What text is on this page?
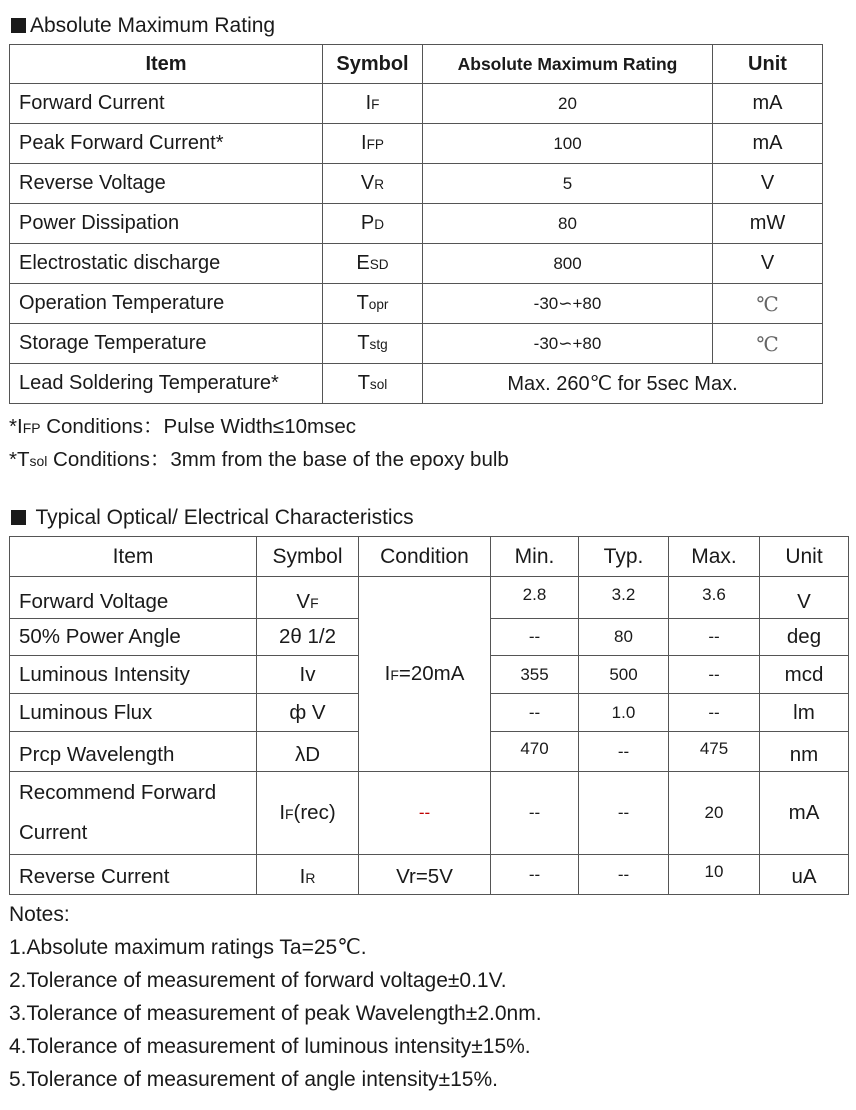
Absolute Maximum Rating
Item	Symbol	Absolute Maximum Rating	Unit
Forward Current	IF	20	mA
Peak Forward Current*	IFP	100	mA
Reverse Voltage	VR	5	V
Power Dissipation	PD	80	mW
Electrostatic discharge	ESD	800	V
Operation Temperature	Topr	-30∽+80	℃
Storage Temperature	Tstg	-30∽+80	℃
Lead Soldering Temperature*	Tsol	Max. 260℃ for 5sec Max.	
*IFP Conditions：Pulse Width≤10msec
*Tsol Conditions：3mm from the base of the epoxy bulb
Typical Optical/ Electrical Characteristics
Item	Symbol	Condition	Min.	Typ.	Max.	Unit
Forward Voltage	VF	IF=20mA	2.8	3.2	3.6	V
50% Power Angle	2θ 1/2		--	80	--	deg
Luminous Intensity	Iv		355	500	--	mcd
Luminous Flux	ф V		--	1.0	--	lm
Prcp Wavelength	λD		470	--	475	nm
Recommend Forward Current	IF(rec)	--	--	--	20	mA
Reverse Current	IR	Vr=5V	--	--	10	uA
Notes:
1.Absolute maximum ratings Ta=25℃.
2.Tolerance of measurement of forward voltage±0.1V.
3.Tolerance of measurement of peak Wavelength±2.0nm.
4.Tolerance of measurement of luminous intensity±15%.
5.Tolerance of measurement of angle intensity±15%.
